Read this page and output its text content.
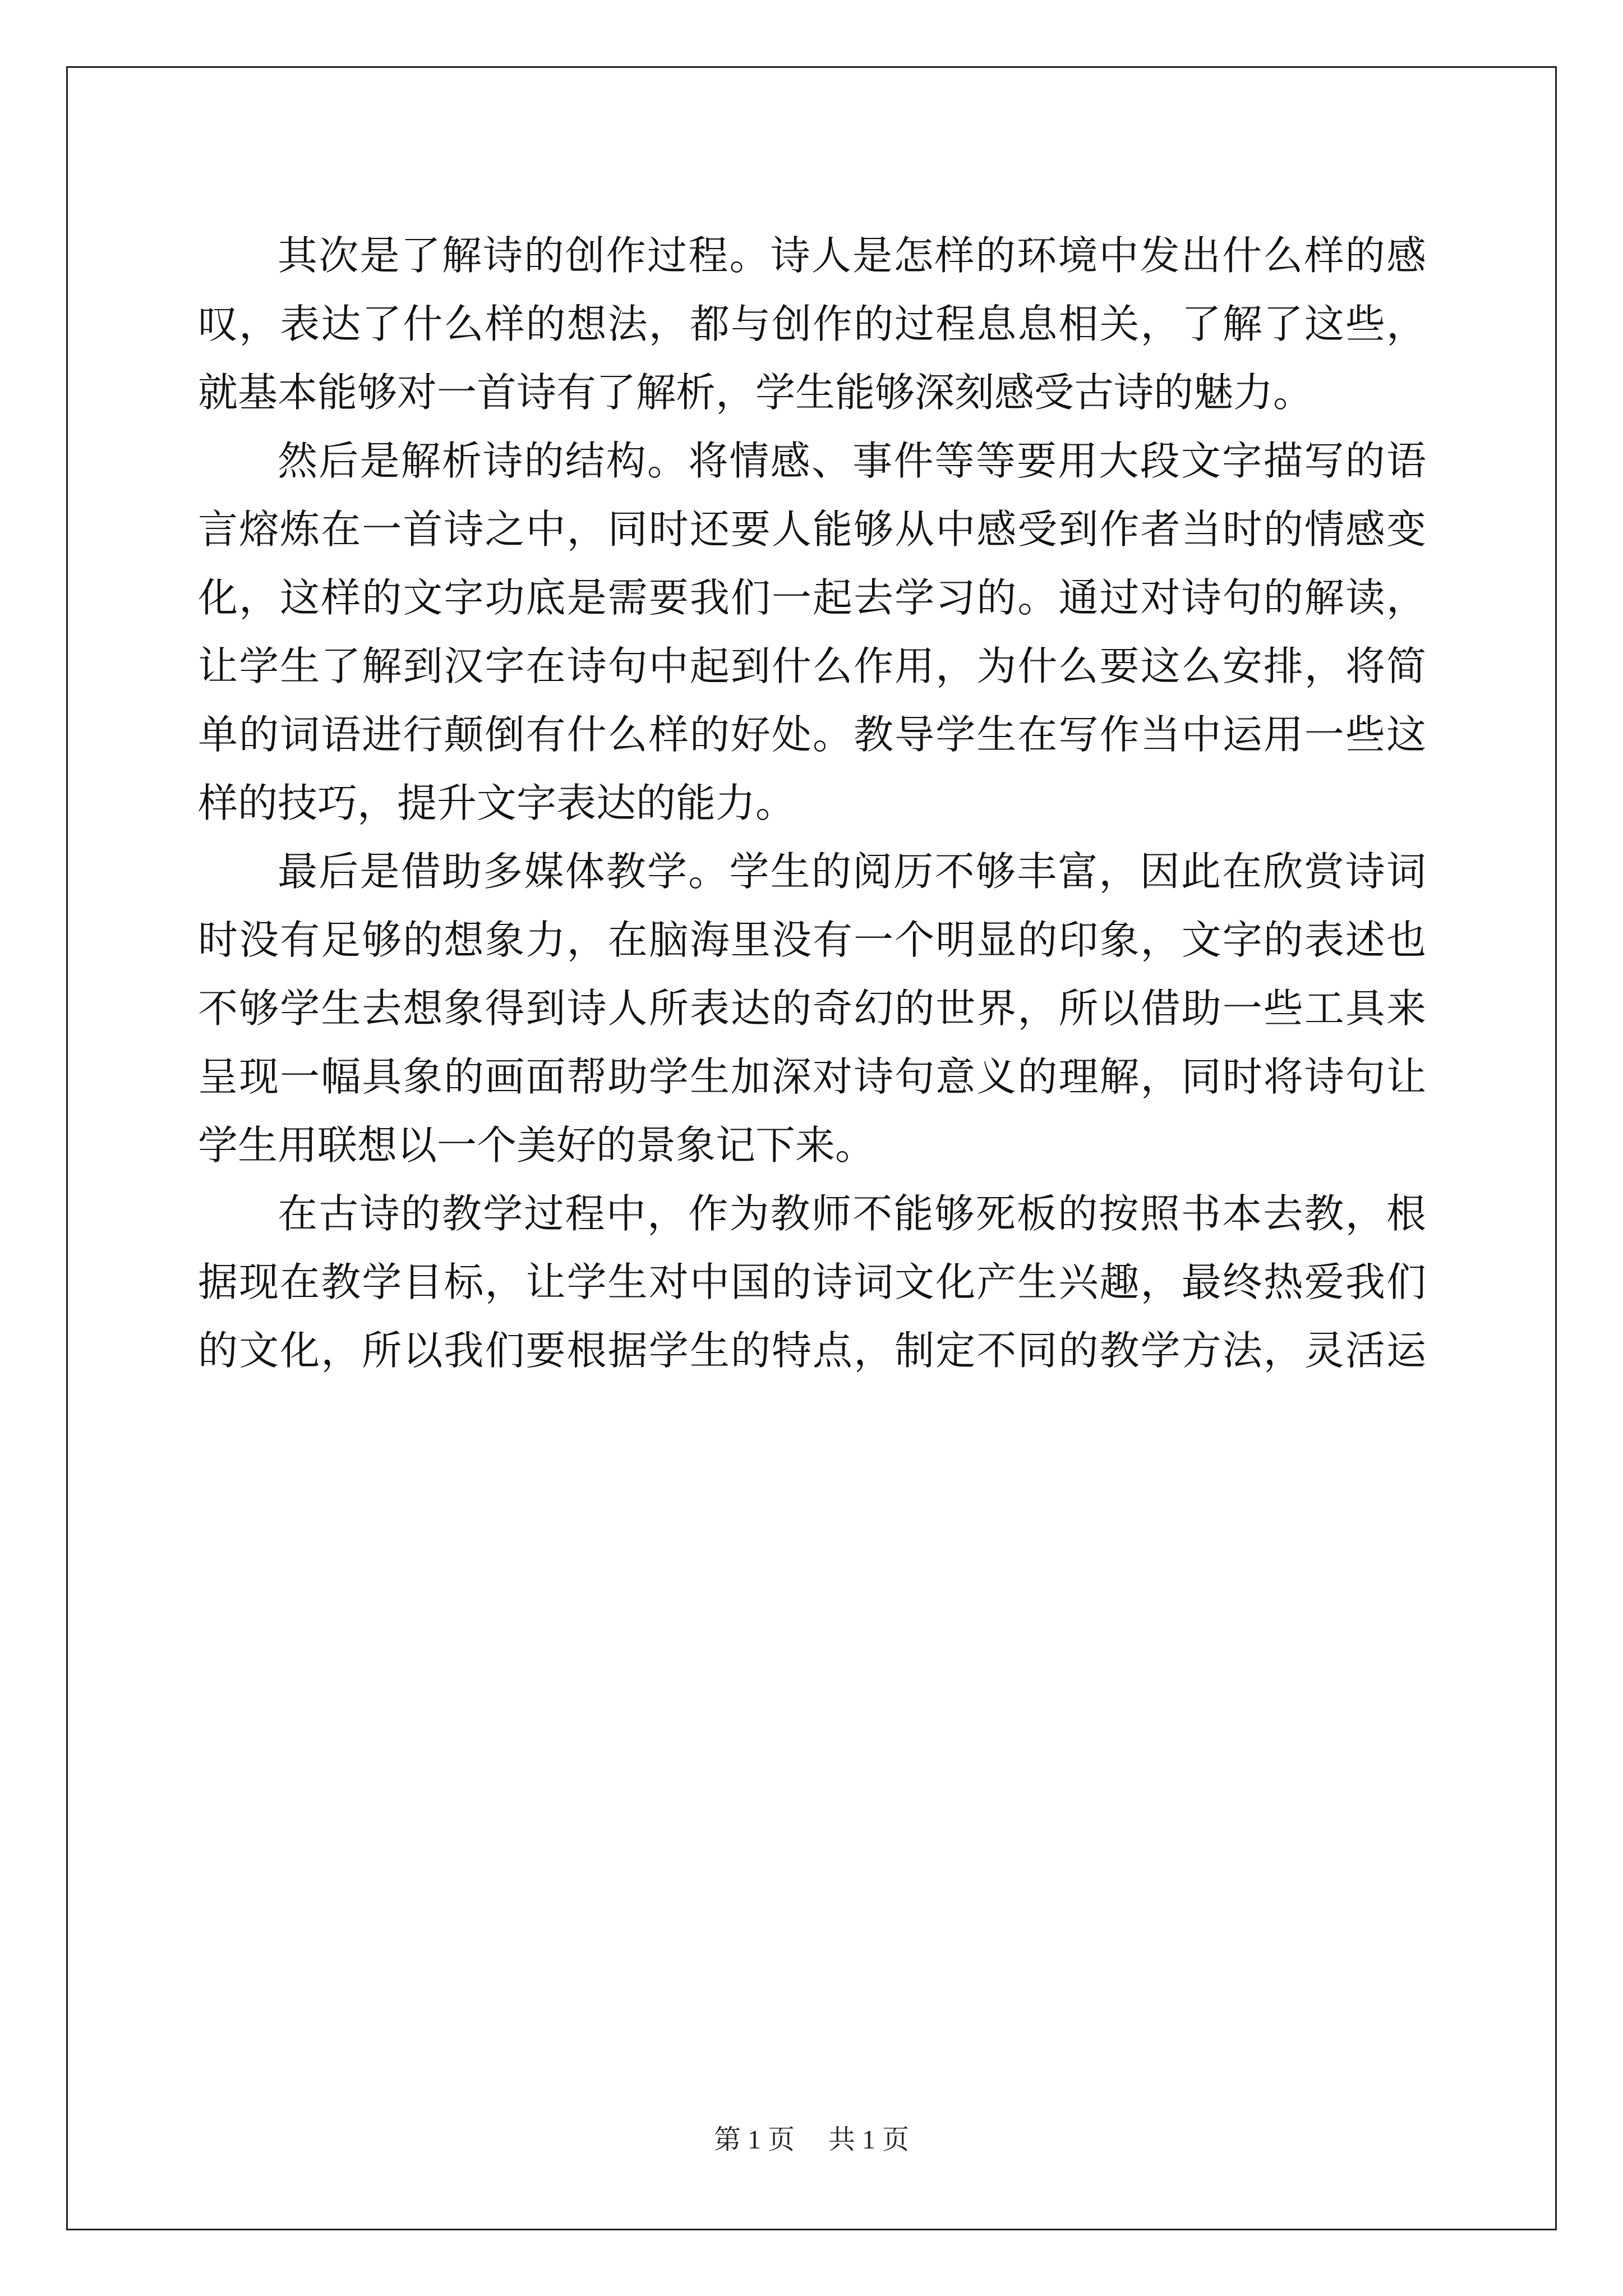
其次是了解诗的创作过程。诗人是怎样的环境中发出什么样的感
叹，表达了什么样的想法，都与创作的过程息息相关，了解了这些，
就基本能够对一首诗有了解析，学生能够深刻感受古诗的魅力。
然后是解析诗的结构。将情感、事件等等要用大段文字描写的语
言熔炼在一首诗之中，同时还要人能够从中感受到作者当时的情感变
化，这样的文字功底是需要我们一起去学习的。通过对诗句的解读，
让学生了解到汉字在诗句中起到什么作用，为什么要这么安排，将简
单的词语进行颠倒有什么样的好处。教导学生在写作当中运用一些这
样的技巧，提升文字表达的能力。
最后是借助多媒体教学。学生的阅历不够丰富，因此在欣赏诗词
时没有足够的想象力，在脑海里没有一个明显的印象，文字的表述也
不够学生去想象得到诗人所表达的奇幻的世界，所以借助一些工具来
呈现一幅具象的画面帮助学生加深对诗句意义的理解，同时将诗句让
学生用联想以一个美好的景象记下来。
在古诗的教学过程中，作为教师不能够死板的按照书本去教，根
据现在教学目标，让学生对中国的诗词文化产生兴趣，最终热爱我们
的文化，所以我们要根据学生的特点，制定不同的教学方法，灵活运
第 1 页 共 1 页
